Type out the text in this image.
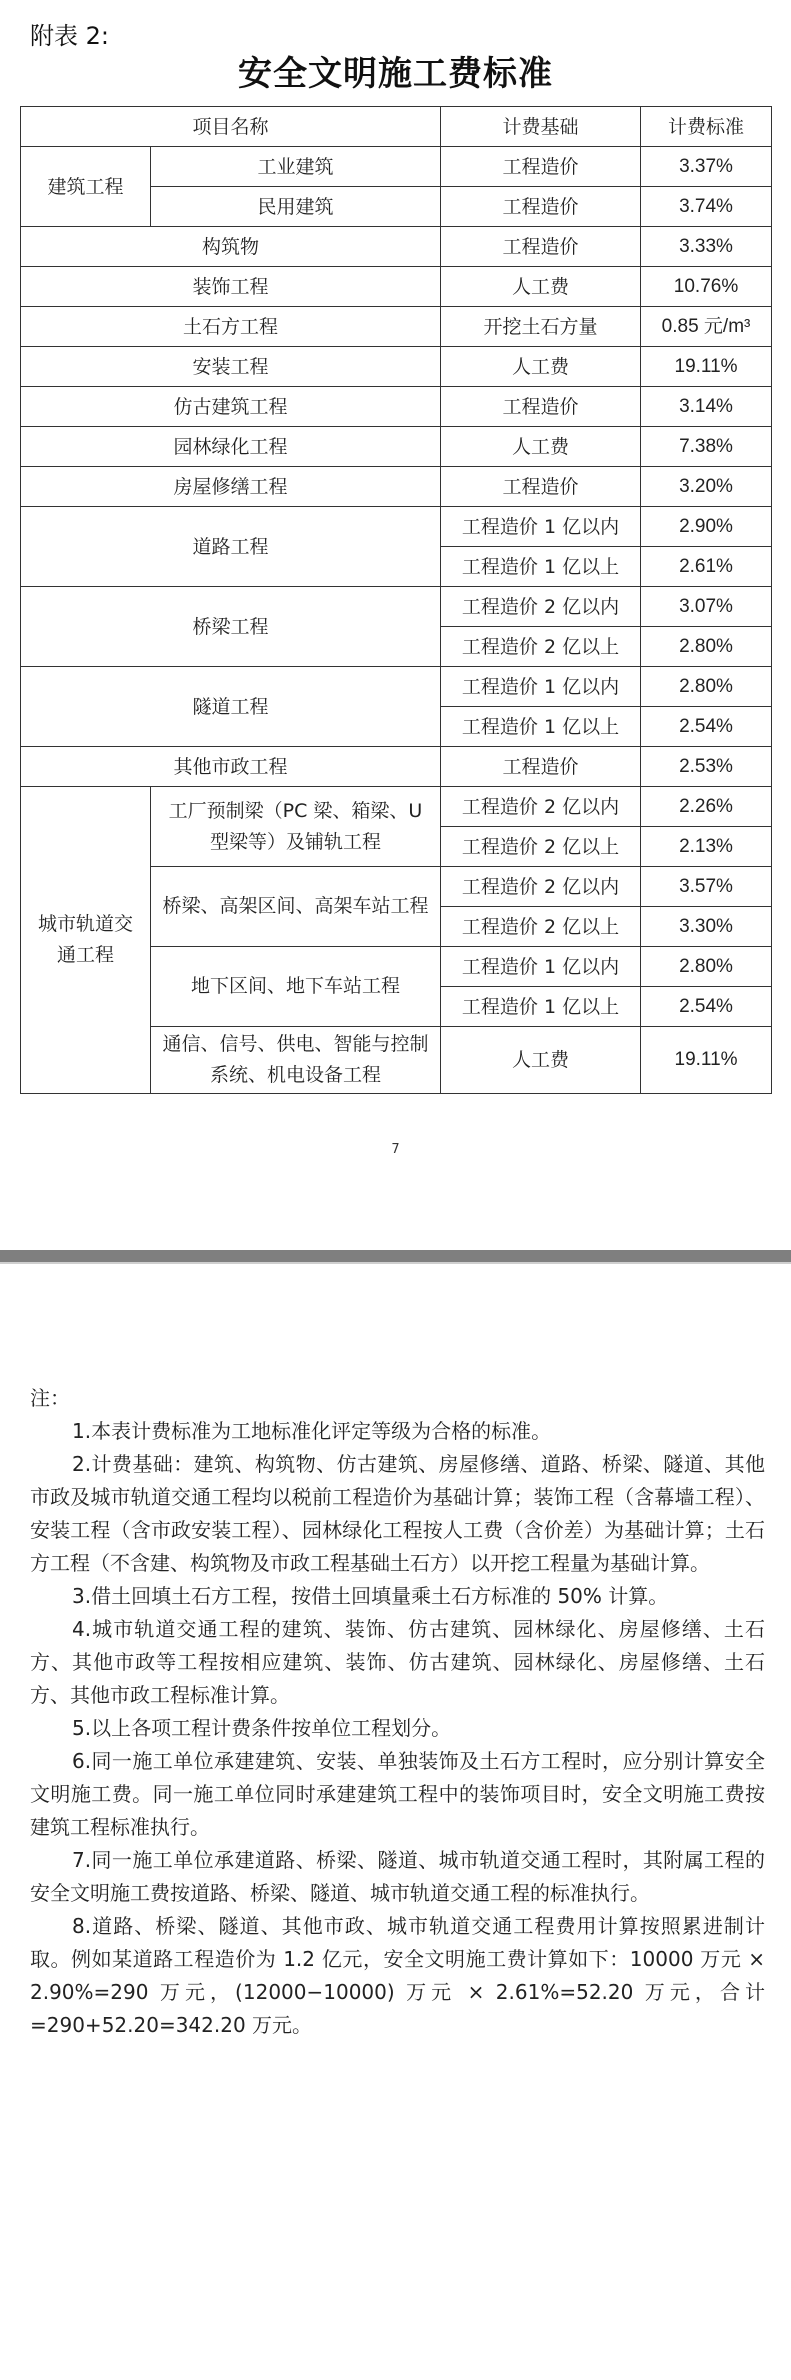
附表 2:
安全文明施工费标准
项目名称		计费基础	计费标准
建筑工程	工业建筑	工程造价	3.37%
	民用建筑	工程造价	3.74%
构筑物		工程造价	3.33%
装饰工程		人工费	10.76%
土石方工程		开挖土石方量	0.85 元/m³
安装工程		人工费	19.11%
仿古建筑工程		工程造价	3.14%
园林绿化工程		人工费	7.38%
房屋修缮工程		工程造价	3.20%
道路工程		工程造价 1 亿以内	2.90%
		工程造价 1 亿以上	2.61%
桥梁工程		工程造价 2 亿以内	3.07%
		工程造价 2 亿以上	2.80%
隧道工程		工程造价 1 亿以内	2.80%
		工程造价 1 亿以上	2.54%
其他市政工程		工程造价	2.53%
城市轨道交通工程	工厂预制梁（PC 梁、箱梁、U 型梁等）及铺轨工程	工程造价 2 亿以内	2.26%
		工程造价 2 亿以上	2.13%
	桥梁、高架区间、高架车站工程	工程造价 2 亿以内	3.57%
		工程造价 2 亿以上	3.30%
	地下区间、地下车站工程	工程造价 1 亿以内	2.80%
		工程造价 1 亿以上	2.54%
	通信、信号、供电、智能与控制系统、机电设备工程	人工费	19.11%
7

注：

1.本表计费标准为工地标准化评定等级为合格的标准。

2.计费基础：建筑、构筑物、仿古建筑、房屋修缮、道路、桥梁、隧道、其他市政及城市轨道交通工程均以税前工程造价为基础计算；装饰工程（含幕墙工程）、安装工程（含市政安装工程）、园林绿化工程按人工费（含价差）为基础计算；土石方工程（不含建、构筑物及市政工程基础土石方）以开挖工程量为基础计算。

3.借土回填土石方工程，按借土回填量乘土石方标准的 50% 计算。

4.城市轨道交通工程的建筑、装饰、仿古建筑、园林绿化、房屋修缮、土石方、其他市政等工程按相应建筑、装饰、仿古建筑、园林绿化、房屋修缮、土石方、其他市政工程标准计算。

5.以上各项工程计费条件按单位工程划分。

6.同一施工单位承建建筑、安装、单独装饰及土石方工程时，应分别计算安全文明施工费。同一施工单位同时承建建筑工程中的装饰项目时，安全文明施工费按建筑工程标准执行。

7.同一施工单位承建道路、桥梁、隧道、城市轨道交通工程时，其附属工程的安全文明施工费按道路、桥梁、隧道、城市轨道交通工程的标准执行。

8.道路、桥梁、隧道、其他市政、城市轨道交通工程费用计算按照累进制计取。例如某道路工程造价为 1.2 亿元，安全文明施工费计算如下：10000 万元 × 2.90%=290 万元，(12000−10000) 万元 × 2.61%=52.20 万元，合计 =290+52.20=342.20 万元。
